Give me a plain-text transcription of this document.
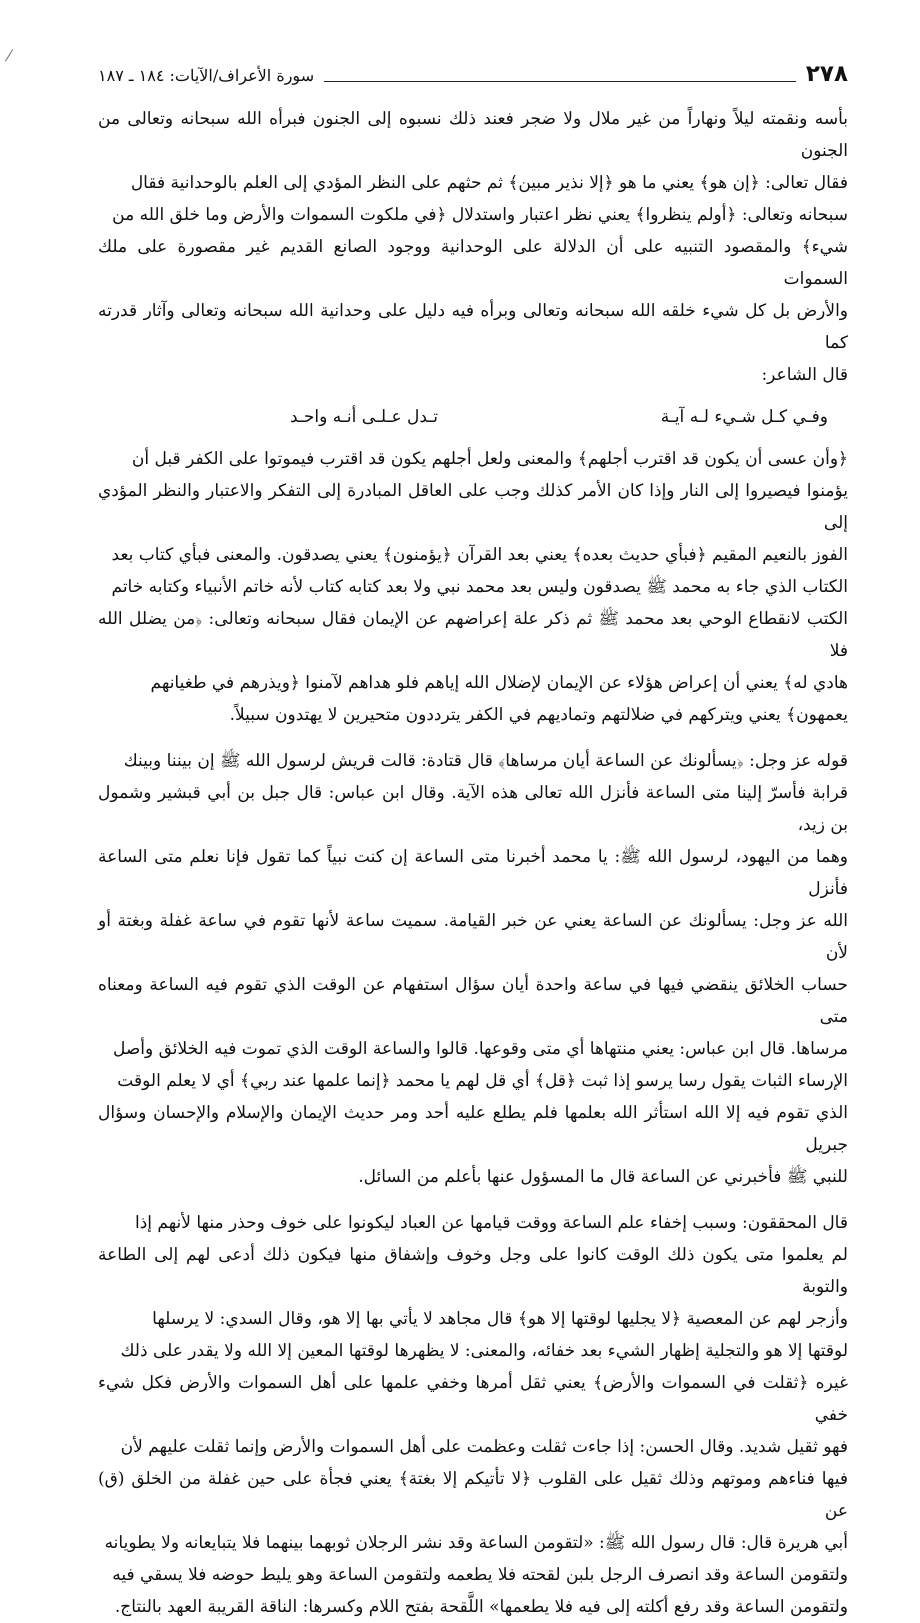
٢٧٨
سورة الأعراف/الآيات: ١٨٤ ـ ١٨٧
بأسه ونقمته ليلاً ونهاراً من غير ملال ولا ضجر فعند ذلك نسبوه إلى الجنون فبرأه الله سبحانه وتعالى من الجنون
فقال تعالى: ﴿إن هو﴾ يعني ما هو ﴿إلا نذير مبين﴾ ثم حثهم على النظر المؤدي إلى العلم بالوحدانية فقال
سبحانه وتعالى: ﴿أولم ينظروا﴾ يعني نظر اعتبار واستدلال ﴿في ملكوت السموات والأرض وما خلق الله من
شيء﴾ والمقصود التنبيه على أن الدلالة على الوحدانية ووجود الصانع القديم غير مقصورة على ملك السموات
والأرض بل كل شيء خلقه الله سبحانه وتعالى وبرأه فيه دليل على وحدانية الله سبحانه وتعالى وآثار قدرته كما
قال الشاعر:
وفـي كـل شـيء لـه آيـة
تـدل عـلـى أنـه واحـد
﴿وأن عسى أن يكون قد اقترب أجلهم﴾ والمعنى ولعل أجلهم يكون قد اقترب فيموتوا على الكفر قبل أن
يؤمنوا فيصيروا إلى النار وإذا كان الأمر كذلك وجب على العاقل المبادرة إلى التفكر والاعتبار والنظر المؤدي إلى
الفوز بالنعيم المقيم ﴿فبأي حديث بعده﴾ يعني بعد القرآن ﴿يؤمنون﴾ يعني يصدقون. والمعنى فبأي كتاب بعد
الكتاب الذي جاء به محمد ﷺ يصدقون وليس بعد محمد نبي ولا بعد كتابه كتاب لأنه خاتم الأنبياء وكتابه خاتم
الكتب لانقطاع الوحي بعد محمد ﷺ ثم ذكر علة إعراضهم عن الإيمان فقال سبحانه وتعالى: ﴿من يضلل الله فلا
هادي له﴾ يعني أن إعراض هؤلاء عن الإيمان لإضلال الله إياهم فلو هداهم لآمنوا ﴿ويذرهم في طغيانهم
يعمهون﴾ يعني ويتركهم في ضلالتهم وتماديهم في الكفر يترددون متحيرين لا يهتدون سبيلاً.
قوله عز وجل: ﴿يسألونك عن الساعة أيان مرساها﴾ قال قتادة: قالت قريش لرسول الله ﷺ إن بيننا وبينك
قرابة فأسرّ إلينا متى الساعة فأنزل الله تعالى هذه الآية. وقال ابن عباس: قال جبل بن أبي قبشير وشمول بن زيد،
وهما من اليهود، لرسول الله ﷺ: يا محمد أخبرنا متى الساعة إن كنت نبياً كما تقول فإنا نعلم متى الساعة فأنزل
الله عز وجل: يسألونك عن الساعة يعني عن خبر القيامة. سميت ساعة لأنها تقوم في ساعة غفلة وبغتة أو لأن
حساب الخلائق ينقضي فيها في ساعة واحدة أيان سؤال استفهام عن الوقت الذي تقوم فيه الساعة ومعناه متى
مرساها. قال ابن عباس: يعني منتهاها أي متى وقوعها. قالوا والساعة الوقت الذي تموت فيه الخلائق وأصل
الإرساء الثبات يقول رسا يرسو إذا ثبت ﴿قل﴾ أي قل لهم يا محمد ﴿إنما علمها عند ربي﴾ أي لا يعلم الوقت
الذي تقوم فيه إلا الله استأثر الله بعلمها فلم يطلع عليه أحد ومر حديث الإيمان والإسلام والإحسان وسؤال جبريل
للنبي ﷺ فأخبرني عن الساعة قال ما المسؤول عنها بأعلم من السائل.
قال المحققون: وسبب إخفاء علم الساعة ووقت قيامها عن العباد ليكونوا على خوف وحذر منها لأنهم إذا
لم يعلموا متى يكون ذلك الوقت كانوا على وجل وخوف وإشفاق منها فيكون ذلك أدعى لهم إلى الطاعة والتوبة
وأزجر لهم عن المعصية ﴿لا يجليها لوقتها إلا هو﴾ قال مجاهد لا يأتي بها إلا هو، وقال السدي: لا يرسلها
لوقتها إلا هو والتجلية إظهار الشيء بعد خفائه، والمعنى: لا يظهرها لوقتها المعين إلا الله ولا يقدر على ذلك
غيره ﴿ثقلت في السموات والأرض﴾ يعني ثقل أمرها وخفي علمها على أهل السموات والأرض فكل شيء خفي
فهو ثقيل شديد. وقال الحسن: إذا جاءت ثقلت وعظمت على أهل السموات والأرض وإنما ثقلت عليهم لأن
فيها فناءهم وموتهم وذلك ثقيل على القلوب ﴿لا تأتيكم إلا بغتة﴾ يعني فجأة على حين غفلة من الخلق (ق) عن
أبي هريرة قال: قال رسول الله ﷺ: «لتقومن الساعة وقد نشر الرجلان ثوبهما بينهما فلا يتبايعانه ولا يطويانه
ولتقومن الساعة وقد انصرف الرجل بلبن لقحته فلا يطعمه ولتقومن الساعة وهو يليط حوضه فلا يسقي فيه
ولتقومن الساعة وقد رفع أكلته إلى فيه فلا يطعمها» اللَّقحة بفتح اللام وكسرها: الناقة القريبة العهد بالنتاج.
